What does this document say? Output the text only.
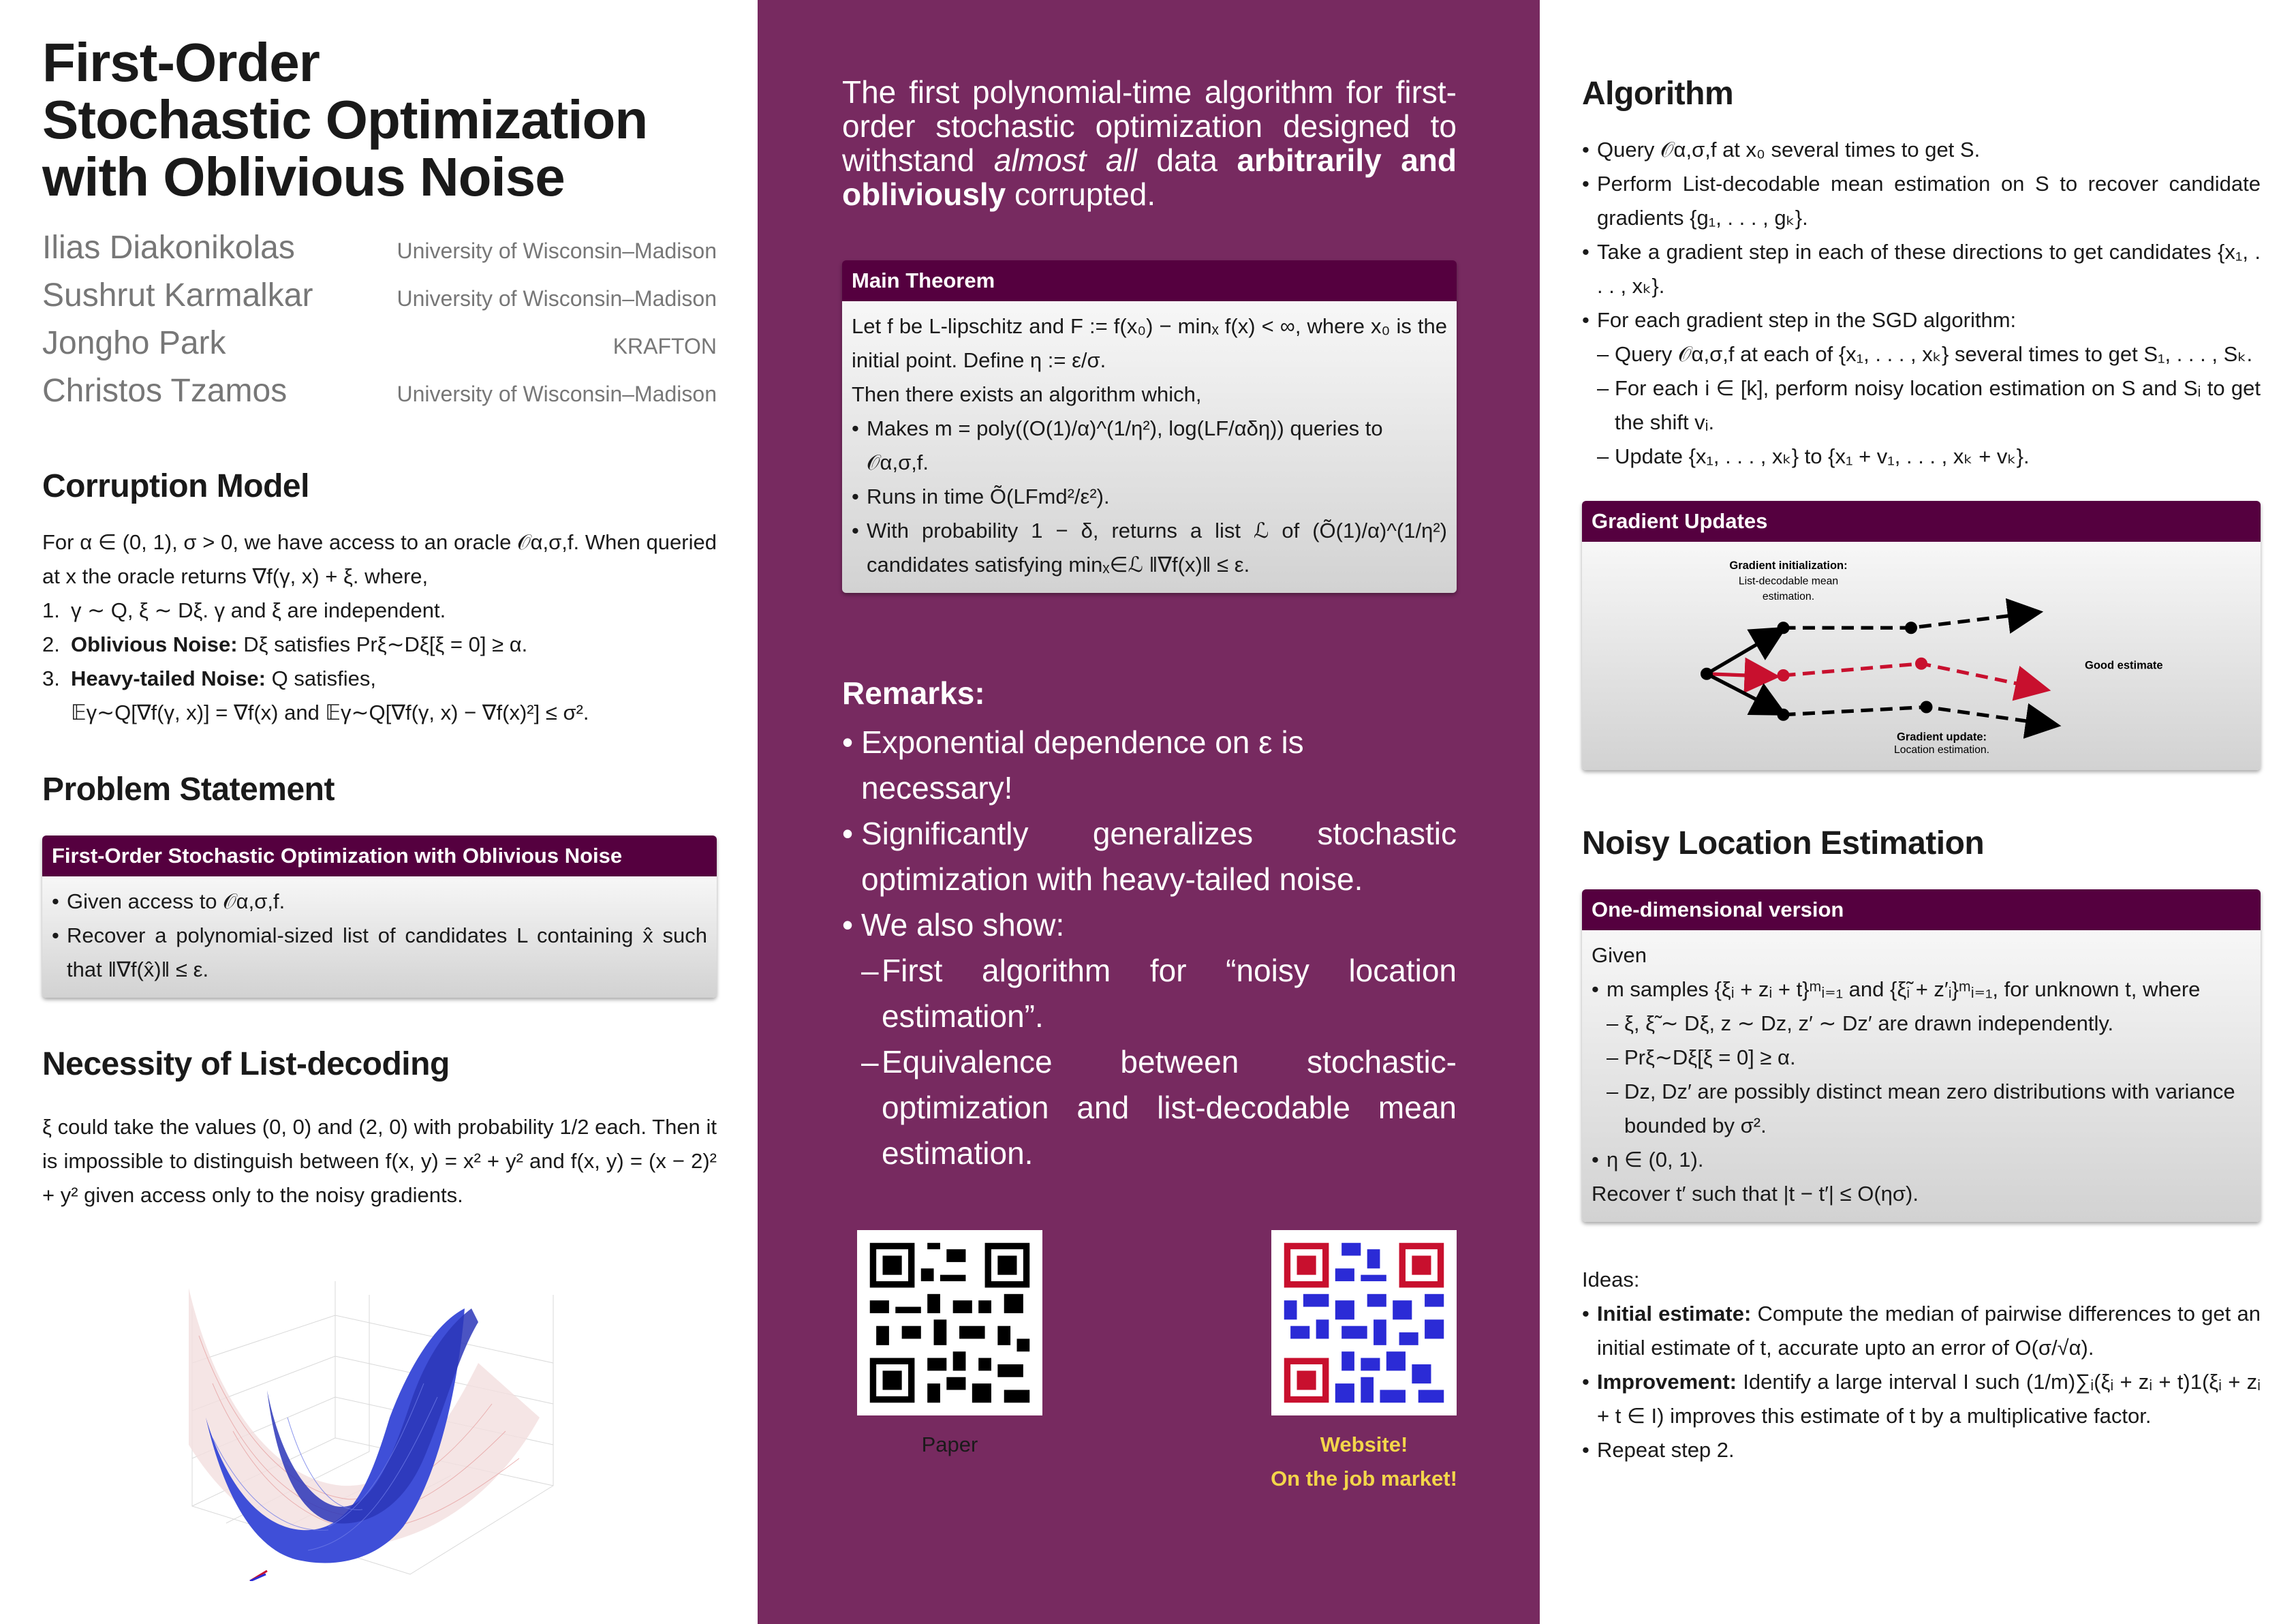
First-Order
Stochastic Optimization
with Oblivious Noise
Ilias Diakonikolas	University of Wisconsin–Madison
Sushrut Karmalkar	University of Wisconsin–Madison
Jongho Park	KRAFTON
Christos Tzamos	University of Wisconsin–Madison
Corruption Model
For α ∈ (0, 1), σ > 0, we have access to an oracle 𝒪α,σ,f. When queried at x the oracle returns ∇f(γ, x) + ξ. where,
γ ∼ Q, ξ ∼ Dξ. γ and ξ are independent.
Oblivious Noise: Dξ satisfies Prξ∼Dξ[ξ = 0] ≥ α.
Heavy-tailed Noise: Q satisfies,
𝔼γ∼Q[∇f(γ, x)] = ∇f(x) and 𝔼γ∼Q[∇f(γ, x) − ∇f(x)²] ≤ σ².
Problem Statement
First-Order Stochastic Optimization with Oblivious Noise
• Given access to 𝒪α,σ,f.
• Recover a polynomial-sized list of candidates L containing x̂ such that ‖∇f(x̂)‖ ≤ ε.
Necessity of List-decoding
ξ could take the values (0, 0) and (2, 0) with probability 1/2 each. Then it is impossible to distinguish between f(x, y) = x² + y² and f(x, y) = (x − 2)² + y² given access only to the noisy gradients.

The first polynomial-time algorithm for first-order stochastic optimization designed to withstand almost all data arbitrarily and obliviously corrupted.

Main Theorem
Let f be L-lipschitz and F := f(x₀) − minₓ f(x) < ∞, where x₀ is the initial point. Define η := ε/σ.
Then there exists an algorithm which,
• Makes m = poly((O(1)/α)^(1/η²), log(LF/αδη)) queries to 𝒪α,σ,f.
• Runs in time Õ(LFmd²/ε²).
• With probability 1 − δ, returns a list ℒ of (Õ(1)/α)^(1/η²) candidates satisfying minₓ∈ℒ ‖∇f(x)‖ ≤ ε.
Remarks:
• Exponential dependence on ε is necessary!
• Significantly generalizes stochastic optimization with heavy-tailed noise.
• We also show:
– First algorithm for “noisy location estimation”.
– Equivalence between stochastic-optimization and list-decodable mean estimation.
Paper	Website!
On the job market!
Algorithm
• Query 𝒪α,σ,f at x₀ several times to get S.
• Perform List-decodable mean estimation on S to recover candidate gradients {g₁, . . . , gₖ}.
• Take a gradient step in each of these directions to get candidates {x₁, . . . , xₖ}.
• For each gradient step in the SGD algorithm:
– Query 𝒪α,σ,f at each of {x₁, . . . , xₖ} several times to get S₁, . . . , Sₖ.
– For each i ∈ [k], perform noisy location estimation on S and Sᵢ to get the shift vᵢ.
– Update {x₁, . . . , xₖ} to {x₁ + v₁, . . . , xₖ + vₖ}.
Gradient Updates
Gradient initialization:
List-decodable mean
estimation.
Good estimate
Gradient update:
Location estimation.
Noisy Location Estimation
One-dimensional version
Given
• m samples {ξᵢ + zᵢ + t}ᵐᵢ₌₁ and {ξ̃ᵢ + z′ᵢ}ᵐᵢ₌₁, for unknown t, where
– ξ, ξ̃ ∼ Dξ, z ∼ Dz, z′ ∼ Dz′ are drawn independently.
– Prξ∼Dξ[ξ = 0] ≥ α.
– Dz, Dz′ are possibly distinct mean zero distributions with variance bounded by σ².
• η ∈ (0, 1).
Recover t′ such that |t − t′| ≤ O(ησ).
Ideas:
• Initial estimate: Compute the median of pairwise differences to get an initial estimate of t, accurate upto an error of O(σ/√α).
• Improvement: Identify a large interval I such (1/m)∑ᵢ(ξᵢ + zᵢ + t)1(ξᵢ + zᵢ + t ∈ I) improves this estimate of t by a multiplicative factor.
• Repeat step 2.
